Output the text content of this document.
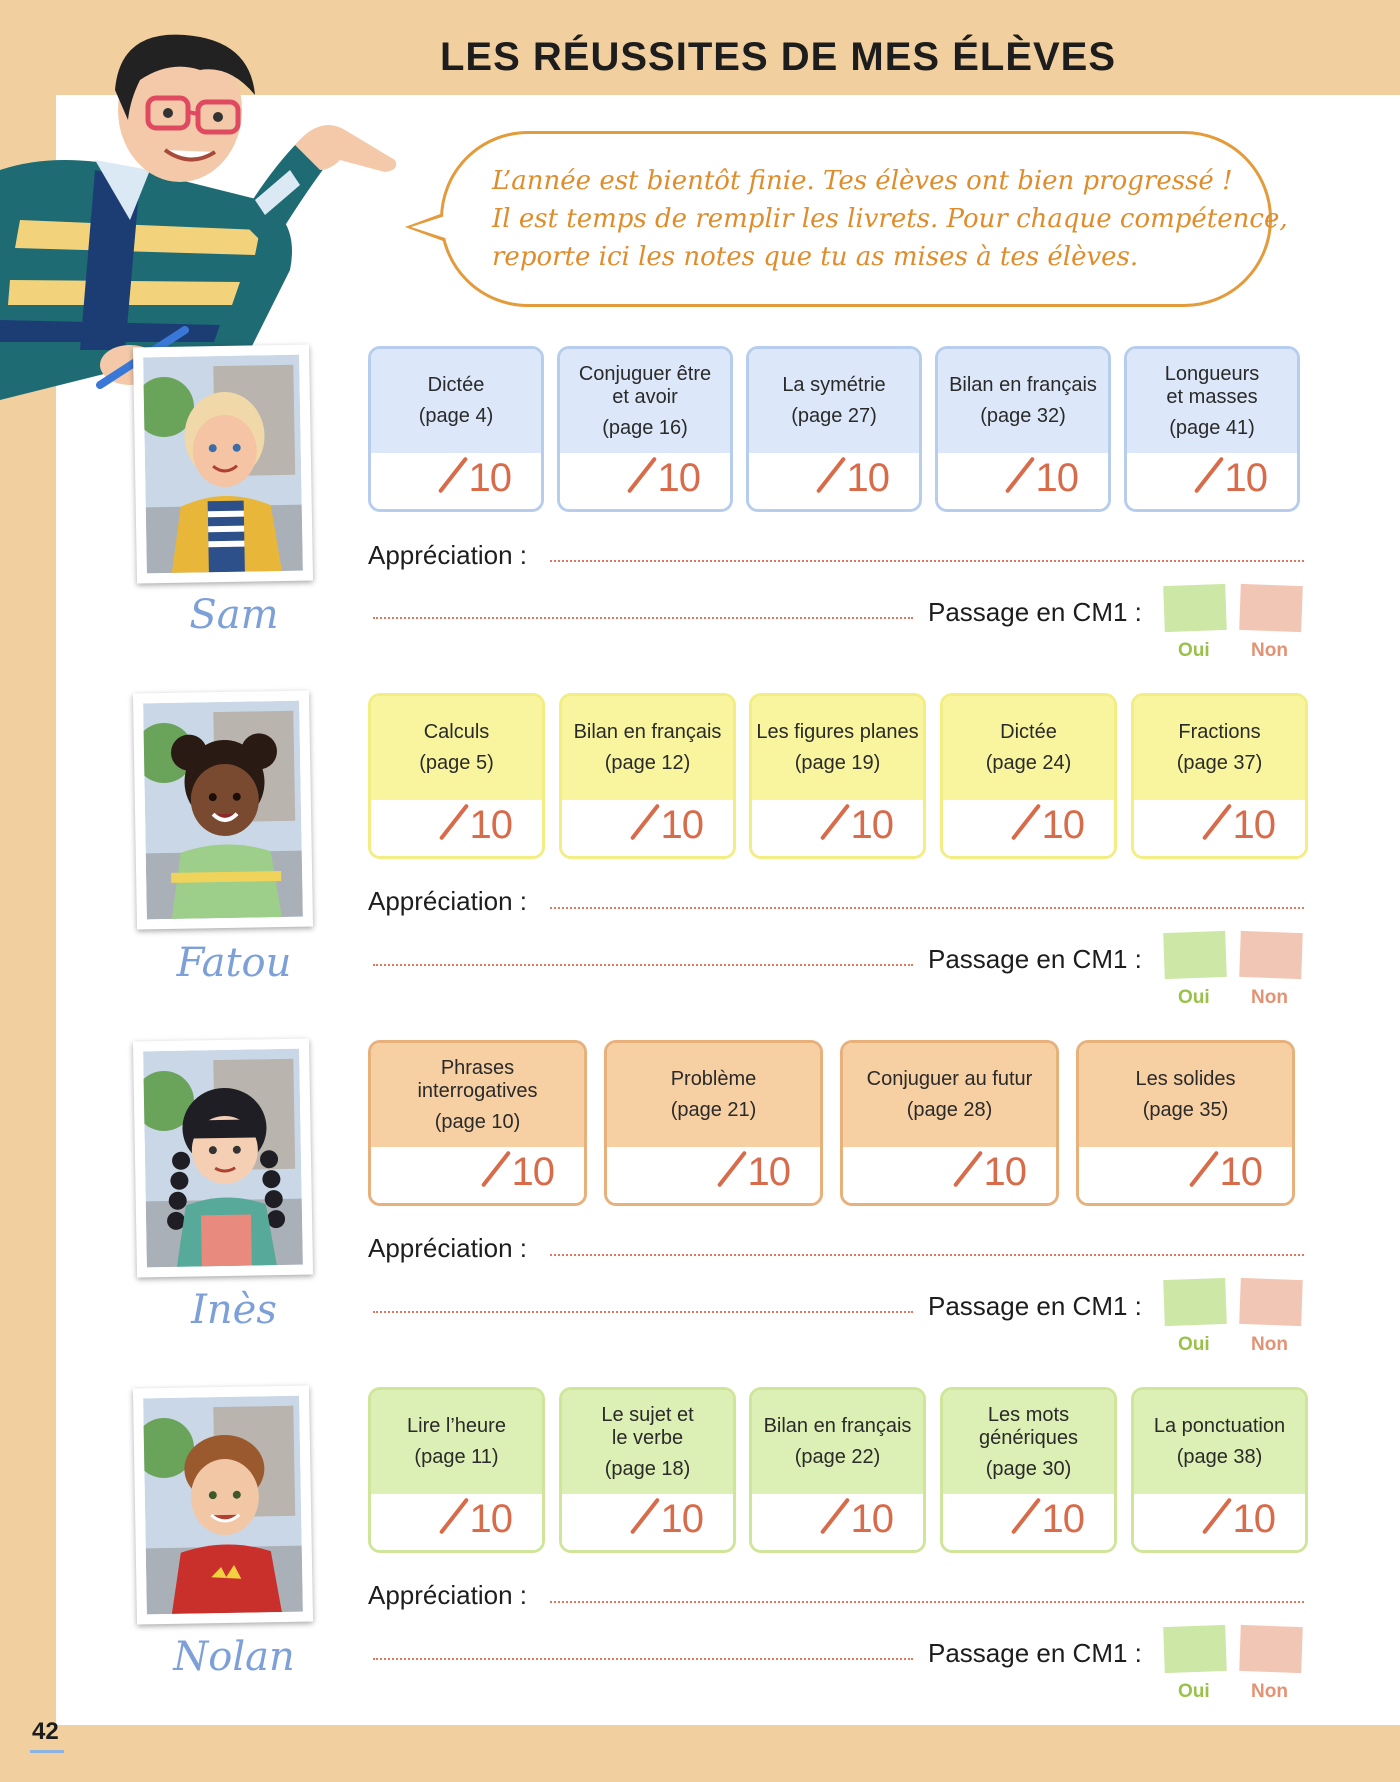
LES RÉUSSITES DE MES ÉLÈVES
L’année est bientôt finie. Tes élèves ont bien progressé !
Il est temps de remplir les livrets. Pour chaque compétence,
reporte ici les notes que tu as mises à tes élèves.
Sam
Dictée
(page 4)
10
Conjuguer être et avoir
(page 16)
10
La symétrie
(page 27)
10
Bilan en français
(page 32)
10
Longueurs et masses
(page 41)
10
Appréciation :
Passage en CM1 :
Oui Non
Fatou
Calculs
(page 5)
10
Bilan en français
(page 12)
10
Les figures planes
(page 19)
10
Dictée
(page 24)
10
Fractions
(page 37)
10
Appréciation :
Passage en CM1 :
Oui Non
Inès
Phrases interrogatives
(page 10)
10
Problème
(page 21)
10
Conjuguer au futur
(page 28)
10
Les solides
(page 35)
10
Appréciation :
Passage en CM1 :
Oui Non
Nolan
Lire l’heure
(page 11)
10
Le sujet et le verbe
(page 18)
10
Bilan en français
(page 22)
10
Les mots génériques
(page 30)
10
La ponctuation
(page 38)
10
Appréciation :
Passage en CM1 :
Oui Non
42
